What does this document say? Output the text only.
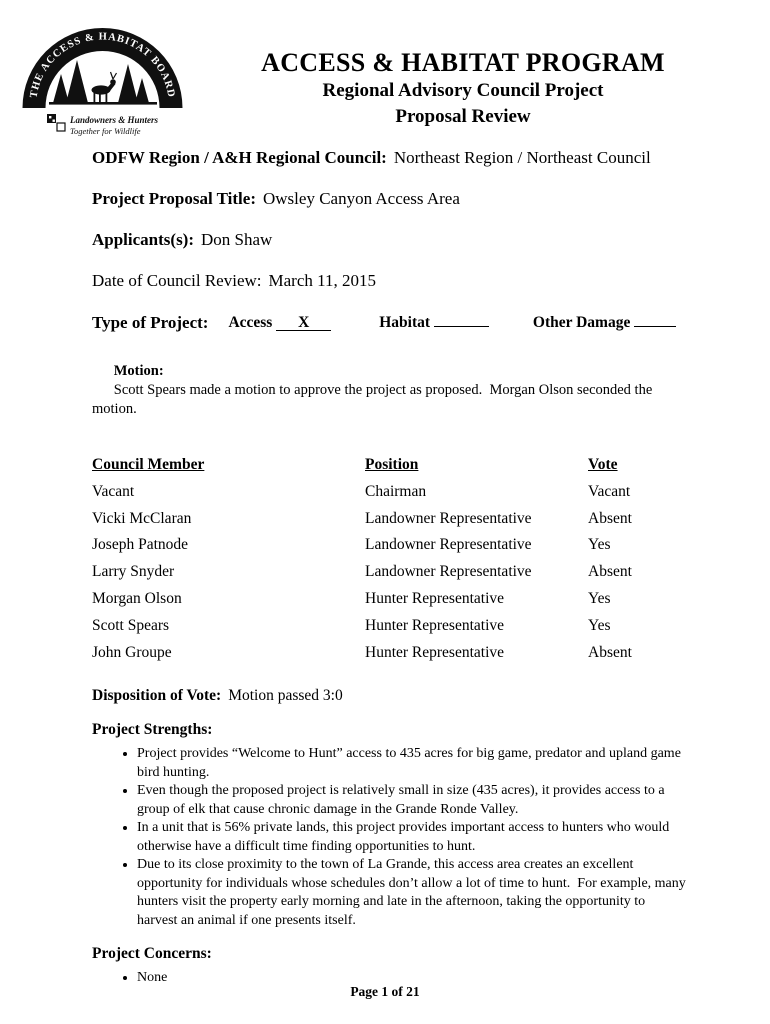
THE ACCESS & HABITAT BOARD
Landowners & Hunters
Together for Wildlife
ACCESS & HABITAT PROGRAM
Regional Advisory Council Project
Proposal Review

ODFW Region / A&H Regional Council: Northeast Region / Northeast Council

Project Proposal Title: Owsley Canyon Access Area

Applicants(s): Don Shaw

Date of Council Review: March 11, 2015

Type of Project: Access X	Habitat	Other Damage

Motion:
Scott Spears made a motion to approve the project as proposed.  Morgan Olson seconded the motion.

Council Member	Position	Vote
Vacant	Chairman	Vacant
Vicki McClaran	Landowner Representative	Absent
Joseph Patnode	Landowner Representative	Yes
Larry Snyder	Landowner Representative	Absent
Morgan Olson	Hunter Representative	Yes
Scott Spears	Hunter Representative	Yes
John Groupe	Hunter Representative	Absent

Disposition of Vote: Motion passed 3:0

Project Strengths:

• Project provides “Welcome to Hunt” access to 435 acres for big game, predator and upland game bird hunting.
• Even though the proposed project is relatively small in size (435 acres), it provides access to a group of elk that cause chronic damage in the Grande Ronde Valley.
• In a unit that is 56% private lands, this project provides important access to hunters who would otherwise have a difficult time finding opportunities to hunt.
• Due to its close proximity to the town of La Grande, this access area creates an excellent opportunity for individuals whose schedules don’t allow a lot of time to hunt.  For example, many hunters visit the property early morning and late in the afternoon, taking the opportunity to harvest an animal if one presents itself.

Project Concerns:

• None
Page 1 of 21
